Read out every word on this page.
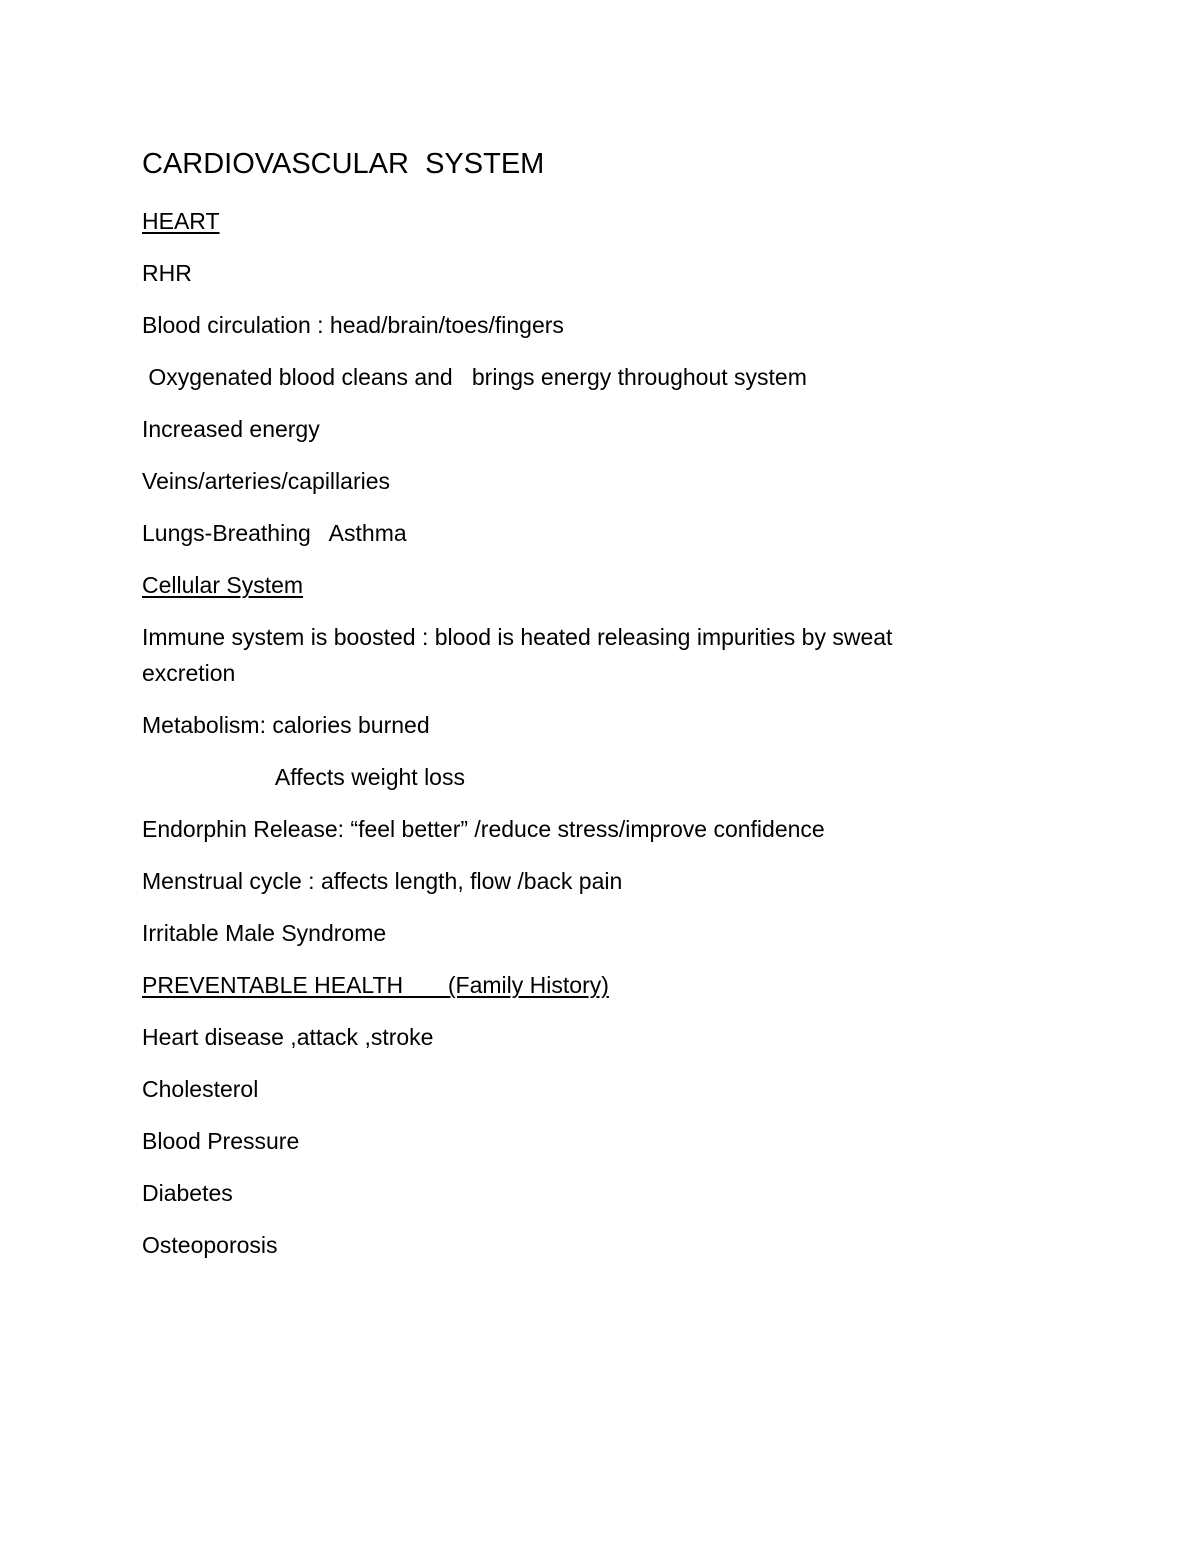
CARDIOVASCULAR  SYSTEM
HEART
RHR
Blood circulation : head/brain/toes/fingers
Oxygenated blood cleans and   brings energy throughout system
Increased energy
Veins/arteries/capillaries
Lungs-Breathing   Asthma
Cellular System
Immune system is boosted : blood is heated releasing impurities by sweat
excretion
Metabolism: calories burned
Affects weight loss
Endorphin Release: “feel better” /reduce stress/improve confidence
Menstrual cycle : affects length, flow /back pain
Irritable Male Syndrome
PREVENTABLE HEALTH       (Family History)
Heart disease ,attack ,stroke
Cholesterol
Blood Pressure
Diabetes
Osteoporosis
